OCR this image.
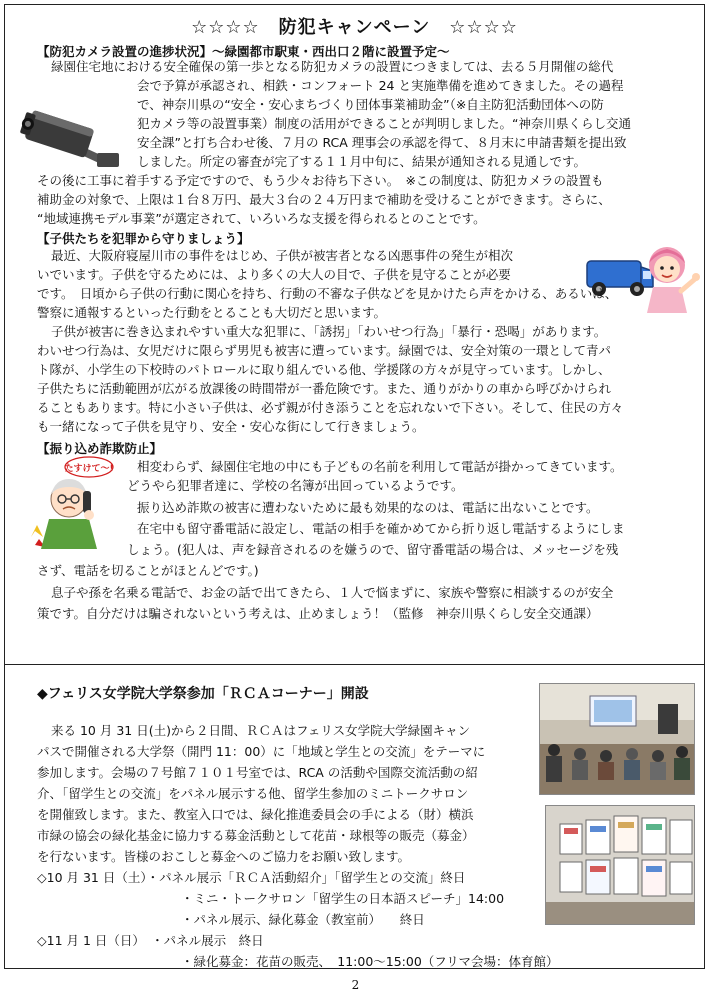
☆☆☆☆　防犯キャンペーン　☆☆☆☆
【防犯カメラ設置の進捗状況】～緑園都市駅東・西出口２階に設置予定～
緑園住宅地における安全確保の第一歩となる防犯カメラの設置につきましては、去る５月開催の総代
会で予算が承認され、相鉄・コンフォート 24 と実施準備を進めてきました。その過程
で、神奈川県の“安全・安心まちづくり団体事業補助金”（※自主防犯活動団体への防
犯カメラ等の設置事業）制度の活用ができることが判明しました。“神奈川県くらし交通
安全課”と打ち合わせ後、７月の RCA 理事会の承認を得て、８月末に申請書類を提出致
しました。所定の審査が完了する１１月中旬に、結果が通知される見通しです。
その後に工事に着手する予定ですので、もう少々お待ち下さい。　※この制度は、防犯カメラの設置も
補助金の対象で、上限は１台８万円、最大３台の２４万円まで補助を受けることができます。さらに、
“地域連携モデル事業”が選定されて、いろいろな支援を得られるとのことです。
【子供たちを犯罪から守りましょう】
最近、大阪府寝屋川市の事件をはじめ、子供が被害者となる凶悪事件の発生が相次
いでいます。子供を守るためには、より多くの大人の目で、子供を見守ることが必要
です。　日頃から子供の行動に関心を持ち、行動の不審な子供などを見かけたら声をかける、あるいは、
警察に通報するといった行動をとることも大切だと思います。
子供が被害に巻き込まれやすい重大な犯罪に、「誘拐」「わいせつ行為」「暴行・恐喝」があります。
わいせつ行為は、女児だけに限らず男児も被害に遭っています。緑園では、安全対策の一環として青パ
ト隊が、小学生の下校時のパトロールに取り組んでいる他、学援隊の方々が見守っています。しかし、
子供たちに活動範囲が広がる放課後の時間帯が一番危険です。また、通りがかりの車から呼びかけられ
ることもあります。特に小さい子供は、必ず親が付き添うことを忘れないで下さい。そして、住民の方々
も一緒になって子供を見守り、安全・安心な街にして行きましょう。
【振り込め詐欺防止】
たすけて〜! 相変わらず、緑園住宅地の中にも子どもの名前を利用して電話が掛かってきています。
どうやら犯罪者達に、学校の名簿が出回っているようです。
振り込め詐欺の被害に遭わないために最も効果的なのは、電話に出ないことです。
在宅中も留守番電話に設定し、電話の相手を確かめてから折り返し電話するようにしま
しょう。(犯人は、声を録音されるのを嫌うので、留守番電話の場合は、メッセージを残
さず、電話を切ることがほとんどです。)
息子や孫を名乗る電話で、お金の話で出てきたら、１人で悩まずに、家族や警察に相談するのが安全
策です。自分だけは騙されないという考えは、止めましょう！（監修　神奈川県くらし安全交通課）
◆フェリス女学院大学祭参加「ＲＣＡコーナー」開設
来る 10 月 31 日(土)から２日間、ＲＣＡはフェリス女学院大学緑園キャン
パスで開催される大学祭（開門 11：00）に「地域と学生との交流」をテーマに
参加します。会場の７号館７１０１号室では、RCA の活動や国際交流活動の紹
介、「留学生との交流」をパネル展示する他、留学生参加のミニトークサロン
を開催致します。また、教室入口では、緑化推進委員会の手による（財）横浜
市緑の協会の緑化基金に協力する募金活動として花苗・球根等の販売（募金）
を行ないます。皆様のおこしと募金へのご協力をお願い致します。
◇10 月 31 日（土）・パネル展示「ＲＣＡ活動紹介」「留学生との交流」終日
・ミニ・トークサロン「留学生の日本語スピーチ」14:00
・パネル展示、緑化募金（教室前）　　終日
◇11 月 1 日（日）　・パネル展示　終日
・緑化募金：花苗の販売、　11:00～15:00（フリマ会場：体育館）
2
